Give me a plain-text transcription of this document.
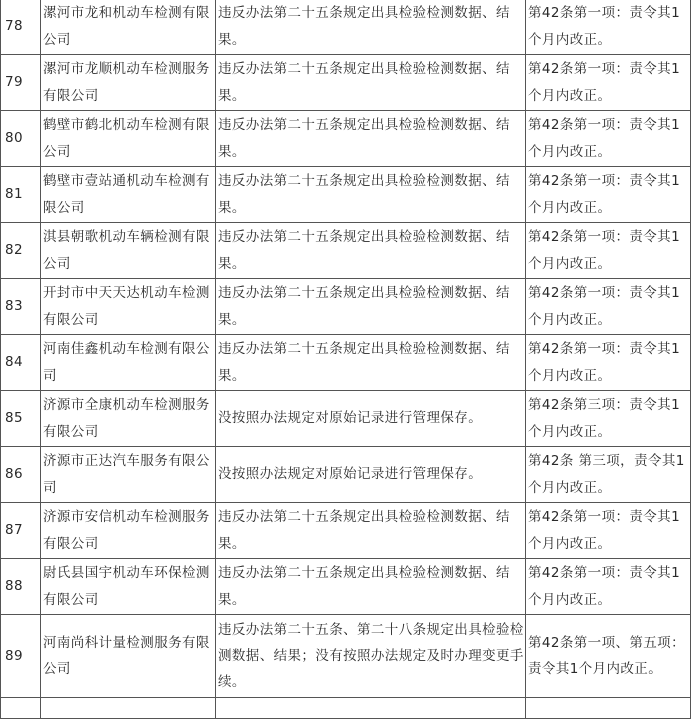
78	漯河市龙和机动车检测有限公司	违反办法第二十五条规定出具检验检测数据、结果。	第42条第一项：责令其1个月内改正。
79	漯河市龙顺机动车检测服务有限公司	违反办法第二十五条规定出具检验检测数据、结果。	第42条第一项：责令其1个月内改正。
80	鹤壁市鹤北机动车检测有限公司	违反办法第二十五条规定出具检验检测数据、结果。	第42条第一项：责令其1个月内改正。
81	鹤壁市壹站通机动车检测有限公司	违反办法第二十五条规定出具检验检测数据、结果。	第42条第一项：责令其1个月内改正。
82	淇县朝歌机动车辆检测有限公司	违反办法第二十五条规定出具检验检测数据、结果。	第42条第一项：责令其1个月内改正。
83	开封市中天天达机动车检测有限公司	违反办法第二十五条规定出具检验检测数据、结果。	第42条第一项：责令其1个月内改正。
84	河南佳鑫机动车检测有限公司	违反办法第二十五条规定出具检验检测数据、结果。	第42条第一项：责令其1个月内改正。
85	济源市全康机动车检测服务有限公司	没按照办法规定对原始记录进行管理保存。	第42条第三项：责令其1个月内改正。
86	济源市正达汽车服务有限公司	没按照办法规定对原始记录进行管理保存。	第42条 第三项，责令其1个月内改正。
87	济源市安信机动车检测服务有限公司	违反办法第二十五条规定出具检验检测数据、结果。	第42条第一项：责令其1个月内改正。
88	尉氏县国宇机动车环保检测有限公司	违反办法第二十五条规定出具检验检测数据、结果。	第42条第一项：责令其1个月内改正。
89	河南尚科计量检测服务有限公司	违反办法第二十五条、第二十八条规定出具检验检测数据、结果；没有按照办法规定及时办理变更手续。	第42条第一项、第五项：责令其1个月内改正。
